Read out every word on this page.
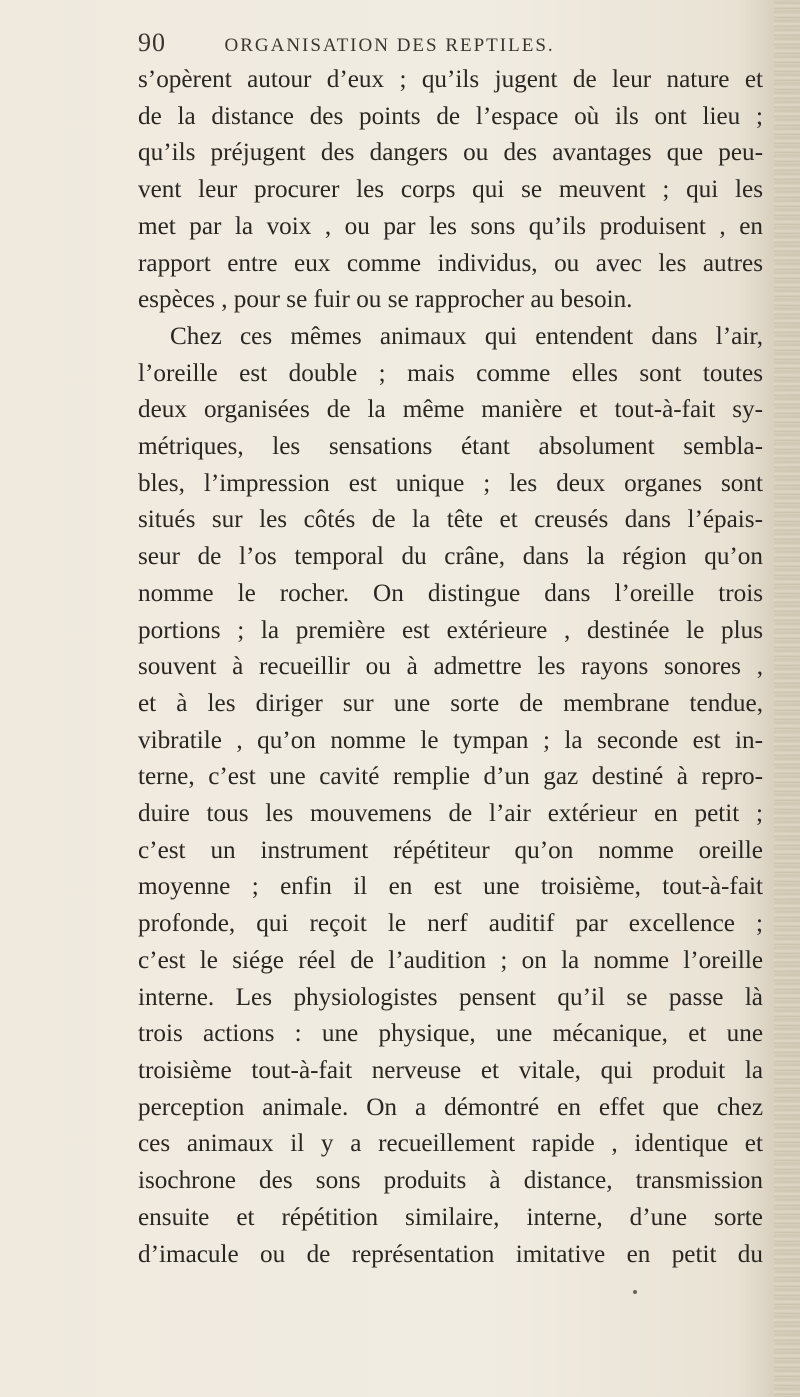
90	ORGANISATION DES REPTILES.
s’opèrent autour d’eux ; qu’ils jugent de leur nature et
de la distance des points de l’espace où ils ont lieu ;
qu’ils préjugent des dangers ou des avantages que peu-
vent leur procurer les corps qui se meuvent ; qui les
met par la voix , ou par les sons qu’ils produisent , en
rapport entre eux comme individus, ou avec les autres
espèces , pour se fuir ou se rapprocher au besoin.
Chez ces mêmes animaux qui entendent dans l’air,
l’oreille est double ; mais comme elles sont toutes
deux organisées de la même manière et tout-à-fait sy-
métriques, les sensations étant absolument sembla-
bles, l’impression est unique ; les deux organes sont
situés sur les côtés de la tête et creusés dans l’épais-
seur de l’os temporal du crâne, dans la région qu’on
nomme le rocher. On distingue dans l’oreille trois
portions ; la première est extérieure , destinée le plus
souvent à recueillir ou à admettre les rayons sonores ,
et à les diriger sur une sorte de membrane tendue,
vibratile , qu’on nomme le tympan ; la seconde est in-
terne, c’est une cavité remplie d’un gaz destiné à repro-
duire tous les mouvemens de l’air extérieur en petit ;
c’est un instrument répétiteur qu’on nomme oreille
moyenne ; enfin il en est une troisième, tout-à-fait
profonde, qui reçoit le nerf auditif par excellence ;
c’est le siége réel de l’audition ; on la nomme l’oreille
interne. Les physiologistes pensent qu’il se passe là
trois actions : une physique, une mécanique, et une
troisième tout-à-fait nerveuse et vitale, qui produit la
perception animale. On a démontré en effet que chez
ces animaux il y a recueillement rapide , identique et
isochrone des sons produits à distance, transmission
ensuite et répétition similaire, interne, d’une sorte
d’imacule ou de représentation imitative en petit du
